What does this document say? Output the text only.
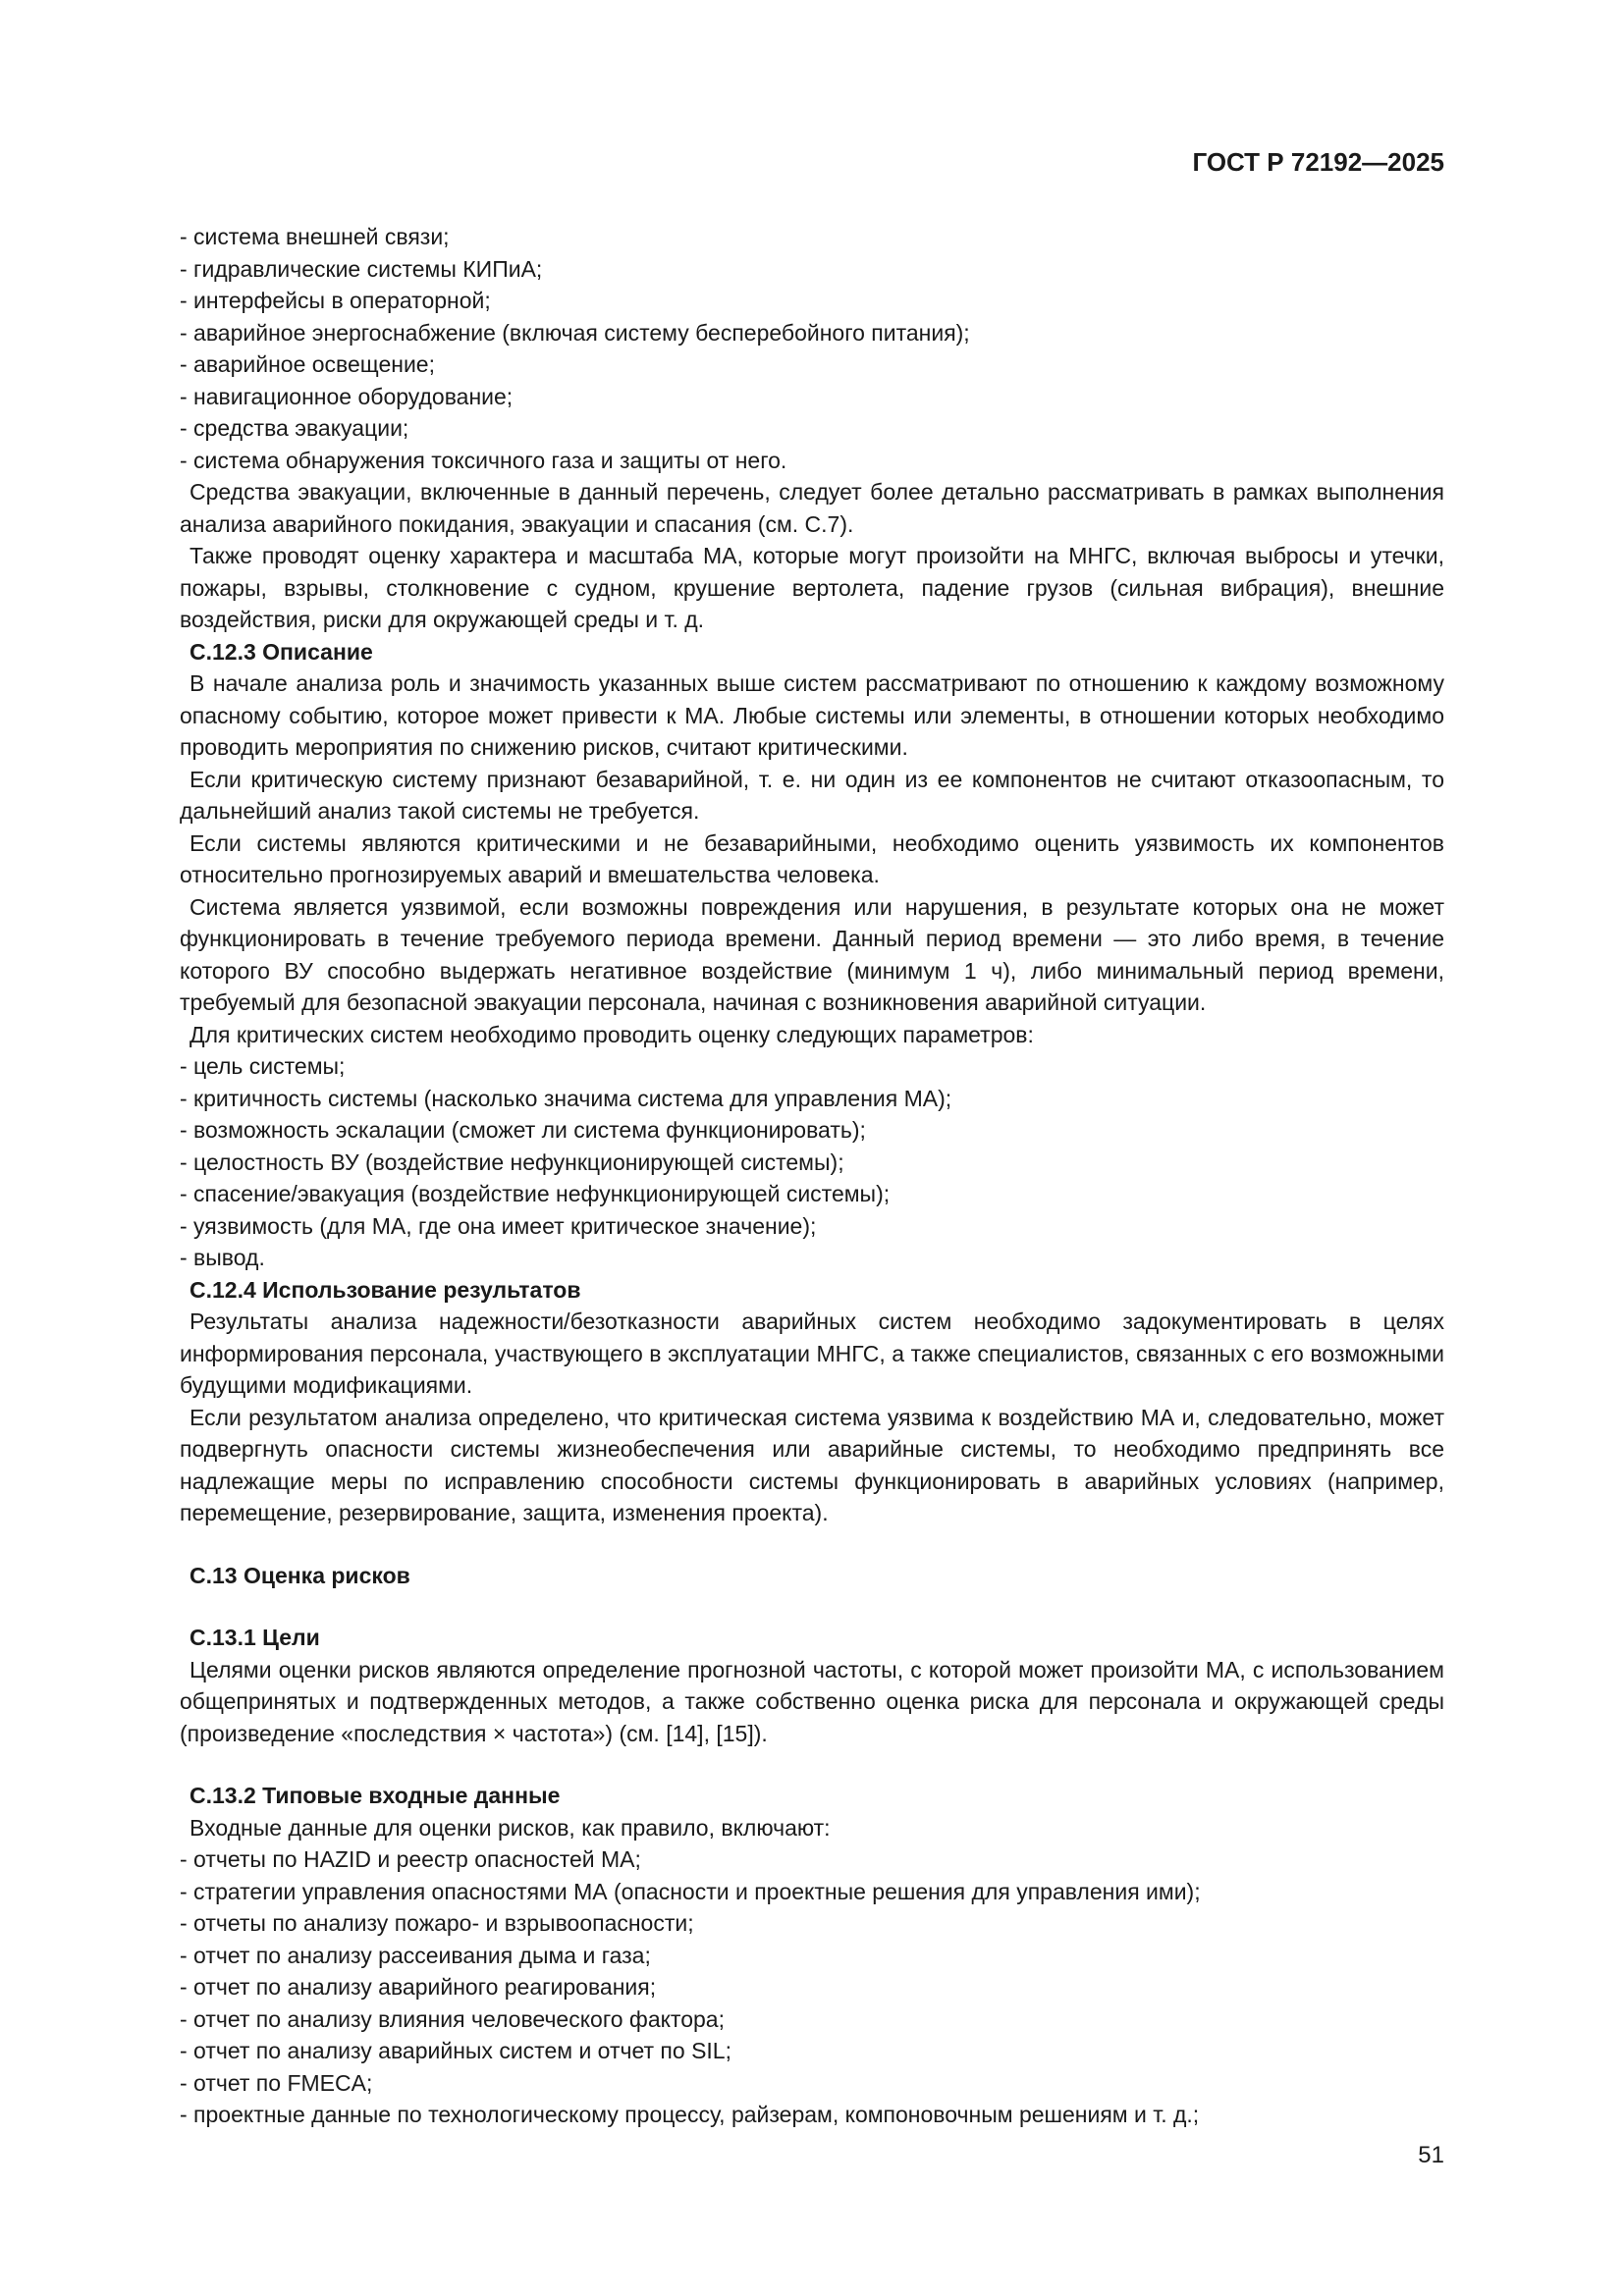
ГОСТ Р 72192—2025
- система внешней связи;
- гидравлические системы КИПиА;
- интерфейсы в операторной;
- аварийное энергоснабжение (включая систему бесперебойного питания);
- аварийное освещение;
- навигационное оборудование;
- средства эвакуации;
- система обнаружения токсичного газа и защиты от него.
Средства эвакуации, включенные в данный перечень, следует более детально рассматривать в рамках выполнения анализа аварийного покидания, эвакуации и спасания (см. С.7).
Также проводят оценку характера и масштаба МА, которые могут произойти на МНГС, включая выбросы и утечки, пожары, взрывы, столкновение с судном, крушение вертолета, падение грузов (сильная вибрация), внешние воздействия, риски для окружающей среды и т. д.
С.12.3 Описание
В начале анализа роль и значимость указанных выше систем рассматривают по отношению к каждому возможному опасному событию, которое может привести к МА. Любые системы или элементы, в отношении которых необходимо проводить мероприятия по снижению рисков, считают критическими.
Если критическую систему признают безаварийной, т. е. ни один из ее компонентов не считают отказоопасным, то дальнейший анализ такой системы не требуется.
Если системы являются критическими и не безаварийными, необходимо оценить уязвимость их компонентов относительно прогнозируемых аварий и вмешательства человека.
Система является уязвимой, если возможны повреждения или нарушения, в результате которых она не может функционировать в течение требуемого периода времени. Данный период времени — это либо время, в течение которого ВУ способно выдержать негативное воздействие (минимум 1 ч), либо минимальный период времени, требуемый для безопасной эвакуации персонала, начиная с возникновения аварийной ситуации.
Для критических систем необходимо проводить оценку следующих параметров:
- цель системы;
- критичность системы (насколько значима система для управления МА);
- возможность эскалации (сможет ли система функционировать);
- целостность ВУ (воздействие нефункционирующей системы);
- спасение/эвакуация (воздействие нефункционирующей системы);
- уязвимость (для МА, где она имеет критическое значение);
- вывод.
С.12.4 Использование результатов
Результаты анализа надежности/безотказности аварийных систем необходимо задокументировать в целях информирования персонала, участвующего в эксплуатации МНГС, а также специалистов, связанных с его возможными будущими модификациями.
Если результатом анализа определено, что критическая система уязвима к воздействию МА и, следовательно, может подвергнуть опасности системы жизнеобеспечения или аварийные системы, то необходимо предпринять все надлежащие меры по исправлению способности системы функционировать в аварийных условиях (например, перемещение, резервирование, защита, изменения проекта).
С.13 Оценка рисков
С.13.1 Цели
Целями оценки рисков являются определение прогнозной частоты, с которой может произойти МА, с использованием общепринятых и подтвержденных методов, а также собственно оценка риска для персонала и окружающей среды (произведение «последствия × частота») (см. [14], [15]).
С.13.2 Типовые входные данные
Входные данные для оценки рисков, как правило, включают:
- отчеты по HAZID и реестр опасностей МА;
- стратегии управления опасностями МА (опасности и проектные решения для управления ими);
- отчеты по анализу пожаро- и взрывоопасности;
- отчет по анализу рассеивания дыма и газа;
- отчет по анализу аварийного реагирования;
- отчет по анализу влияния человеческого фактора;
- отчет по анализу аварийных систем и отчет по SIL;
- отчет по FMECA;
- проектные данные по технологическому процессу, райзерам, компоновочным решениям и т. д.;
51
